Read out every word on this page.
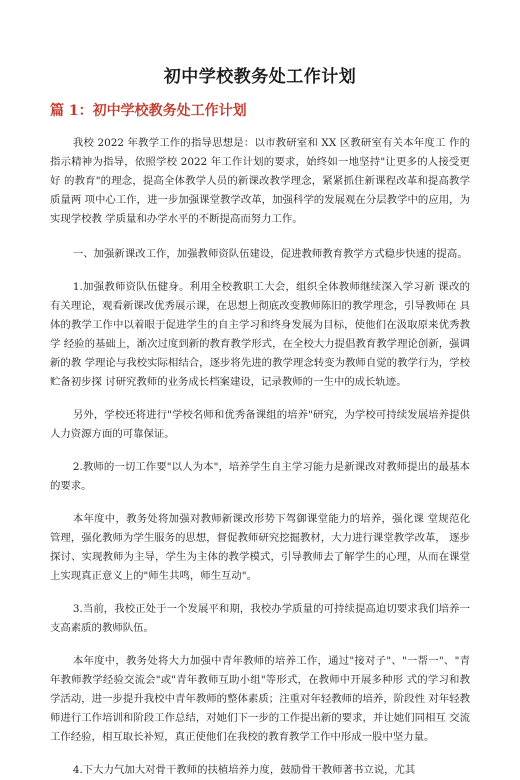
初中学校教务处工作计划
篇 1：初中学校教务处工作计划

我校 2022 年教学工作的指导思想是：以市教研室和 XX 区教研室有关本年度工 作的指示精神为指导，依照学校 2022 年工作计划的要求，始终如一地坚持"让更多的人接受更好 的教育"的理念，提高全体教学人员的新课改教学理念，紧紧抓住新课程改革和提高教学质量两 项中心工作，进一步加强课堂教学改革，加强科学的发展观在分层教学中的应用，为实现学校教 学质量和办学水平的不断提高而努力工作。

一、加强新课改工作，加强教师资队伍建设，促进教师教育教学方式稳步快速的提高。

1.加强教师资队伍健身。利用全校教职工大会，组织全体教师继续深入学习新 课改的有关理论，观看新课改优秀展示课，在思想上彻底改变教师陈旧的教学理念，引导教师在 具体的教学工作中以着眼于促进学生的自主学习和终身发展为目标，使他们在汲取原来优秀教学 经验的基础上，渐次过度到新的教育教学形式，在全校大力提倡教育教学理论创新，强调新的教 学理论与我校实际相结合，逐步将先进的教学理念转变为教师自觉的教学行为，学校贮备初步探 讨研究教师的业务成长档案建设，记录教师的一生中的成长轨迹。

另外，学校还将进行"学校名师和优秀备课组的培养"研究，为学校可持续发展培养提供人力资源方面的可靠保证。

2.教师的一切工作要"以人为本"，培养学生自主学习能力是新课改对教师提出的最基本的要求。

本年度中，教务处将加强对教师新课改形势下驾御课堂能力的培养，强化课 堂规范化管理，强化教师为学生服务的思想，督促教师研究挖掘教材，大力进行课堂教学改革， 逐步探讨、实现教师为主导，学生为主体的教学模式，引导教师去了解学生的心理，从而在课堂 上实现真正意义上的"师生共鸣，师生互动"。

3.当前，我校正处于一个发展平和期，我校办学质量的可持续提高迫切要求我们培养一支高素质的教师队伍。

本年度中，教务处将大力加强中青年教师的培养工作，通过"接对子"、"一帮一"、"青年教师教学经验交流会"或"青年教师互助小组"等形式，在教师中开展多种形 式的学习和教学活动，进一步提升我校中青年教师的整体素质；注重对年轻教师的培养，阶段性 对年轻教师进行工作培训和阶段工作总结，对她们下一步的工作提出新的要求，并让她们同相互 交流工作经验，相互取长补短，真正使他们在我校的教育教学工作中形成一股中坚力量。

4.下大力气加大对骨干教师的扶植培养力度，鼓励骨干教师著书立说，尤其
